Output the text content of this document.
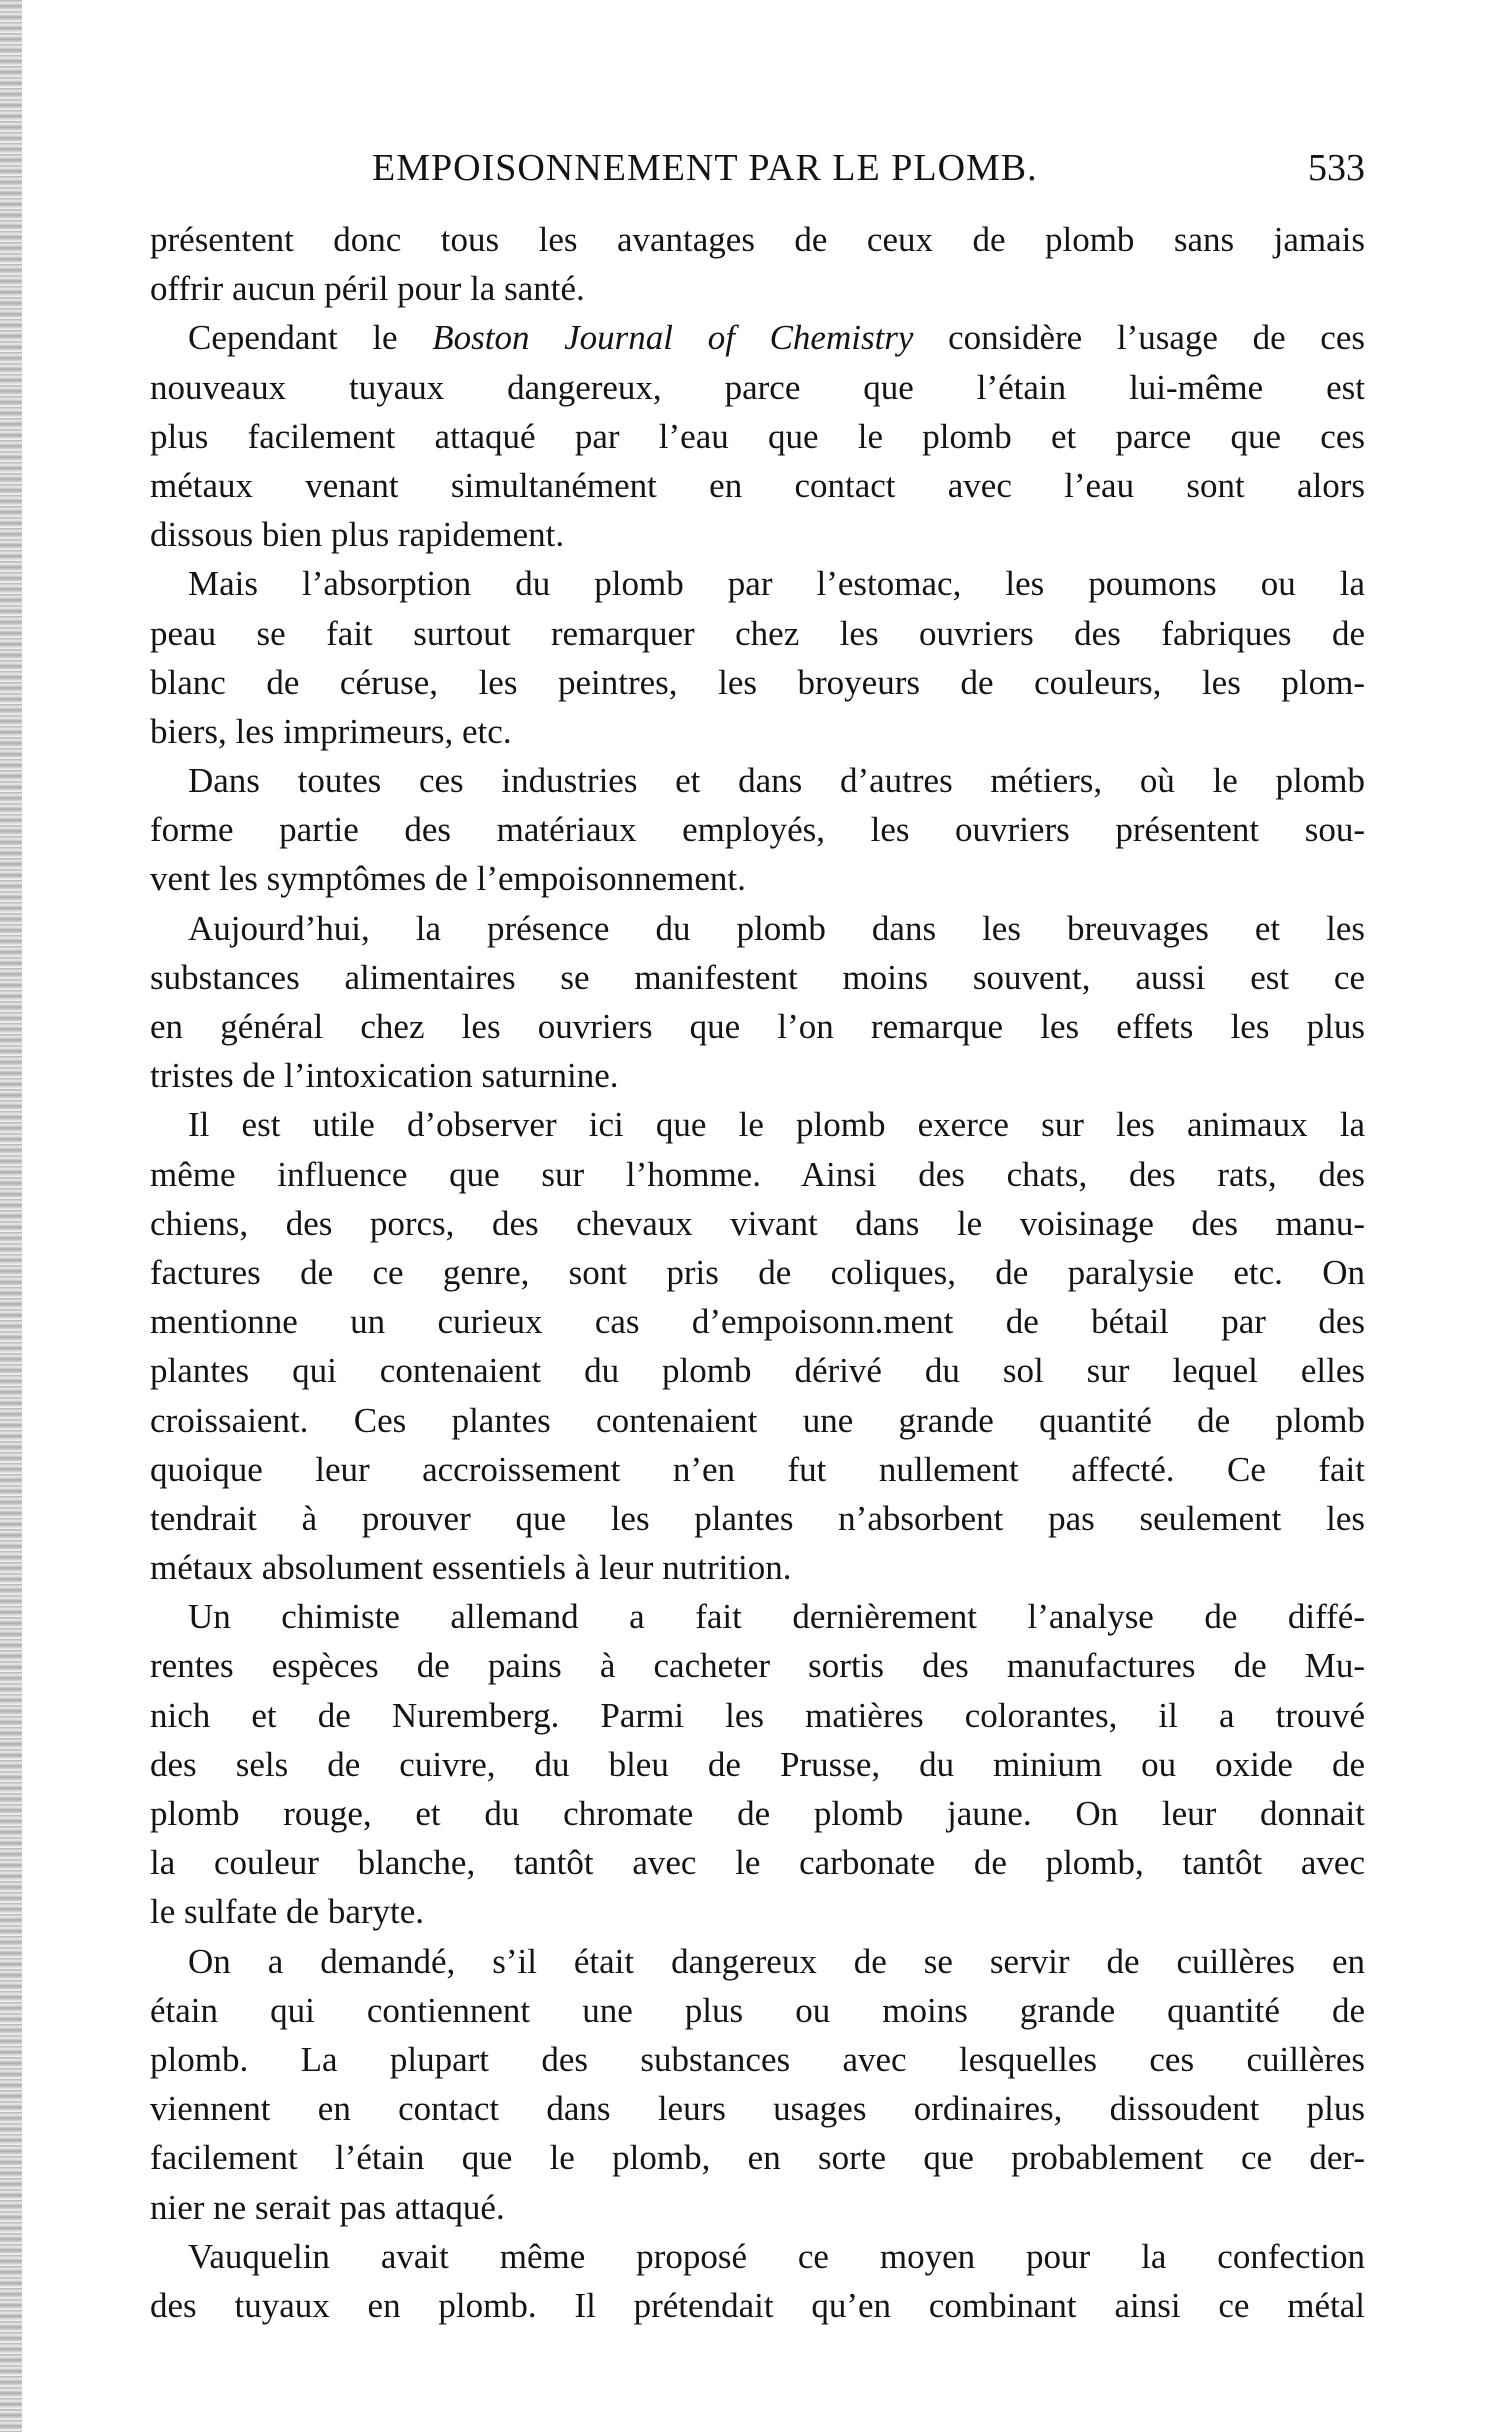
EMPOISONNEMENT PAR LE PLOMB.	533
présentent donc tous les avantages de ceux de plomb sans jamais
offrir aucun péril pour la santé.
Cependant le Boston Journal of Chemistry considère l’usage de ces
nouveaux tuyaux dangereux, parce que l’étain lui-même est
plus facilement attaqué par l’eau que le plomb et parce que ces
métaux venant simultanément en contact avec l’eau sont alors
dissous bien plus rapidement.
Mais l’absorption du plomb par l’estomac, les poumons ou la
peau se fait surtout remarquer chez les ouvriers des fabriques de
blanc de céruse, les peintres, les broyeurs de couleurs, les plom-
biers, les imprimeurs, etc.
Dans toutes ces industries et dans d’autres métiers, où le plomb
forme partie des matériaux employés, les ouvriers présentent sou-
vent les symptômes de l’empoisonnement.
Aujourd’hui, la présence du plomb dans les breuvages et les
substances alimentaires se manifestent moins souvent, aussi est ce
en général chez les ouvriers que l’on remarque les effets les plus
tristes de l’intoxication saturnine.
Il est utile d’observer ici que le plomb exerce sur les animaux la
même influence que sur l’homme. Ainsi des chats, des rats, des
chiens, des porcs, des chevaux vivant dans le voisinage des manu-
factures de ce genre, sont pris de coliques, de paralysie etc. On
mentionne un curieux cas d’empoisonn.ment de bétail par des
plantes qui contenaient du plomb dérivé du sol sur lequel elles
croissaient. Ces plantes contenaient une grande quantité de plomb
quoique leur accroissement n’en fut nullement affecté. Ce fait
tendrait à prouver que les plantes n’absorbent pas seulement les
métaux absolument essentiels à leur nutrition.
Un chimiste allemand a fait dernièrement l’analyse de diffé-
rentes espèces de pains à cacheter sortis des manufactures de Mu-
nich et de Nuremberg. Parmi les matières colorantes, il a trouvé
des sels de cuivre, du bleu de Prusse, du minium ou oxide de
plomb rouge, et du chromate de plomb jaune. On leur donnait
la couleur blanche, tantôt avec le carbonate de plomb, tantôt avec
le sulfate de baryte.
On a demandé, s’il était dangereux de se servir de cuillères en
étain qui contiennent une plus ou moins grande quantité de
plomb. La plupart des substances avec lesquelles ces cuillères
viennent en contact dans leurs usages ordinaires, dissoudent plus
facilement l’étain que le plomb, en sorte que probablement ce der-
nier ne serait pas attaqué.
Vauquelin avait même proposé ce moyen pour la confection
des tuyaux en plomb. Il prétendait qu’en combinant ainsi ce métal
